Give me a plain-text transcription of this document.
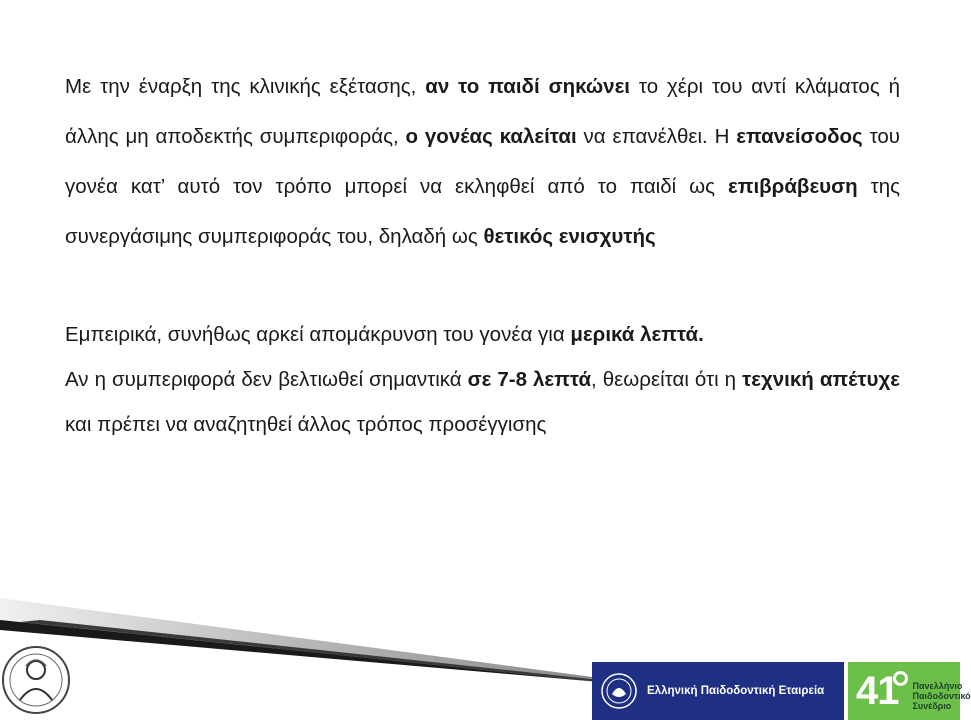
Με την έναρξη της κλινικής εξέτασης, αν το παιδί σηκώνει το χέρι του αντί κλάματος ή άλλης μη αποδεκτής συμπεριφοράς, ο γονέας καλείται να επανέλθει. Η επανείσοδος του γονέα κατ’ αυτό τον τρόπο μπορεί να εκληφθεί από το παιδί ως επιβράβευση της συνεργάσιμης συμπεριφοράς του, δηλαδή ως θετικός ενισχυτής

Εμπειρικά, συνήθως αρκεί απομάκρυνση του γονέα για μερικά λεπτά.

Αν η συμπεριφορά δεν βελτιωθεί σημαντικά σε 7-8 λεπτά, θεωρείται ότι η τεχνική απέτυχε και πρέπει να αναζητηθεί άλλος τρόπος προσέγγισης

Ελληνική Παιδοδοντική Εταιρεία 41 Πανελλήνιο
Παιδοδοντικό
Συνέδριο
